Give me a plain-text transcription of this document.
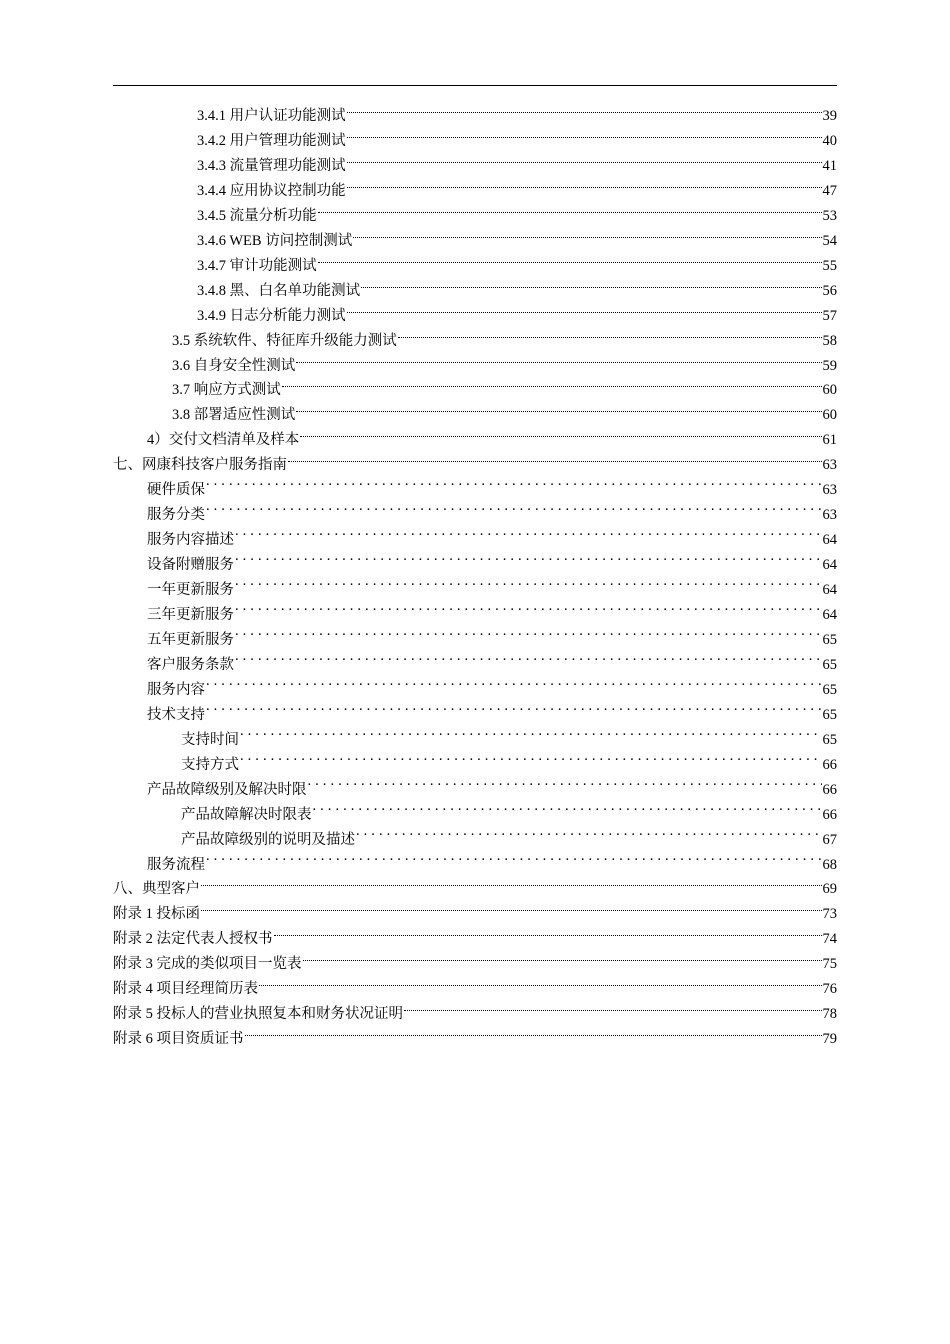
3.4.1 用户认证功能测试	39
3.4.2 用户管理功能测试	40
3.4.3 流量管理功能测试	41
3.4.4 应用协议控制功能	47
3.4.5 流量分析功能	53
3.4.6 WEB 访问控制测试	54
3.4.7 审计功能测试	55
3.4.8 黑、白名单功能测试	56
3.4.9 日志分析能力测试	57
3.5 系统软件、特征库升级能力测试	58
3.6 自身安全性测试	59
3.7 响应方式测试	60
3.8 部署适应性测试	60
4）交付文档清单及样本	61
七、网康科技客户服务指南	63
硬件质保 . . .	63
服务分类 . . .	63
服务内容描述 . . .	64
设备附赠服务 . . .	64
一年更新服务 . . .	64
三年更新服务 . . .	64
五年更新服务 . . .	65
客户服务条款 . . .	65
服务内容 . . .	65
技术支持 . . .	65
支持时间 . . .	65
支持方式 . . .	66
产品故障级别及解决时限 . . .	66
产品故障解决时限表 . . .	66
产品故障级别的说明及描述 . . .	67
服务流程 . . .	68
八、典型客户	69
附录 1 投标函	73
附录 2 法定代表人授权书	74
附录 3 完成的类似项目一览表	75
附录 4 项目经理简历表	76
附录 5 投标人的营业执照复本和财务状况证明	78
附录 6 项目资质证书	79
